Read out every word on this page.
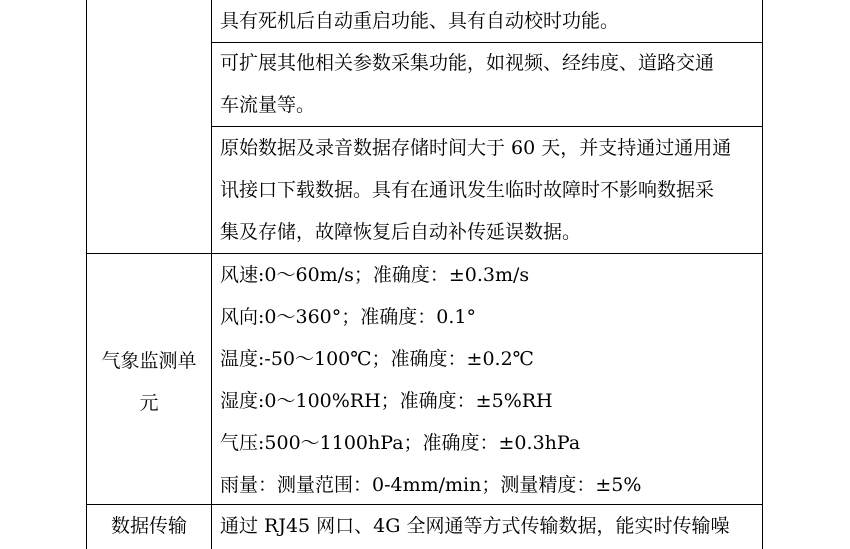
具有死机后自动重启功能、具有自动校时功能。
可扩展其他相关参数采集功能，如视频、经纬度、道路交通
车流量等。
原始数据及录音数据存储时间大于 60 天，并支持通过通用通
讯接口下载数据。具有在通讯发生临时故障时不影响数据采
集及存储，故障恢复后自动补传延误数据。
气象监测单
元
风速:0～60m/s；准确度：±0.3m/s
风向:0～360°；准确度：0.1°
温度:-50～100℃；准确度：±0.2℃
湿度:0～100%RH；准确度：±5%RH
气压:500～1100hPa；准确度：±0.3hPa
雨量：测量范围：0-4mm/min；测量精度：±5%
数据传输	通过 RJ45 网口、4G 全网通等方式传输数据，能实时传输噪
